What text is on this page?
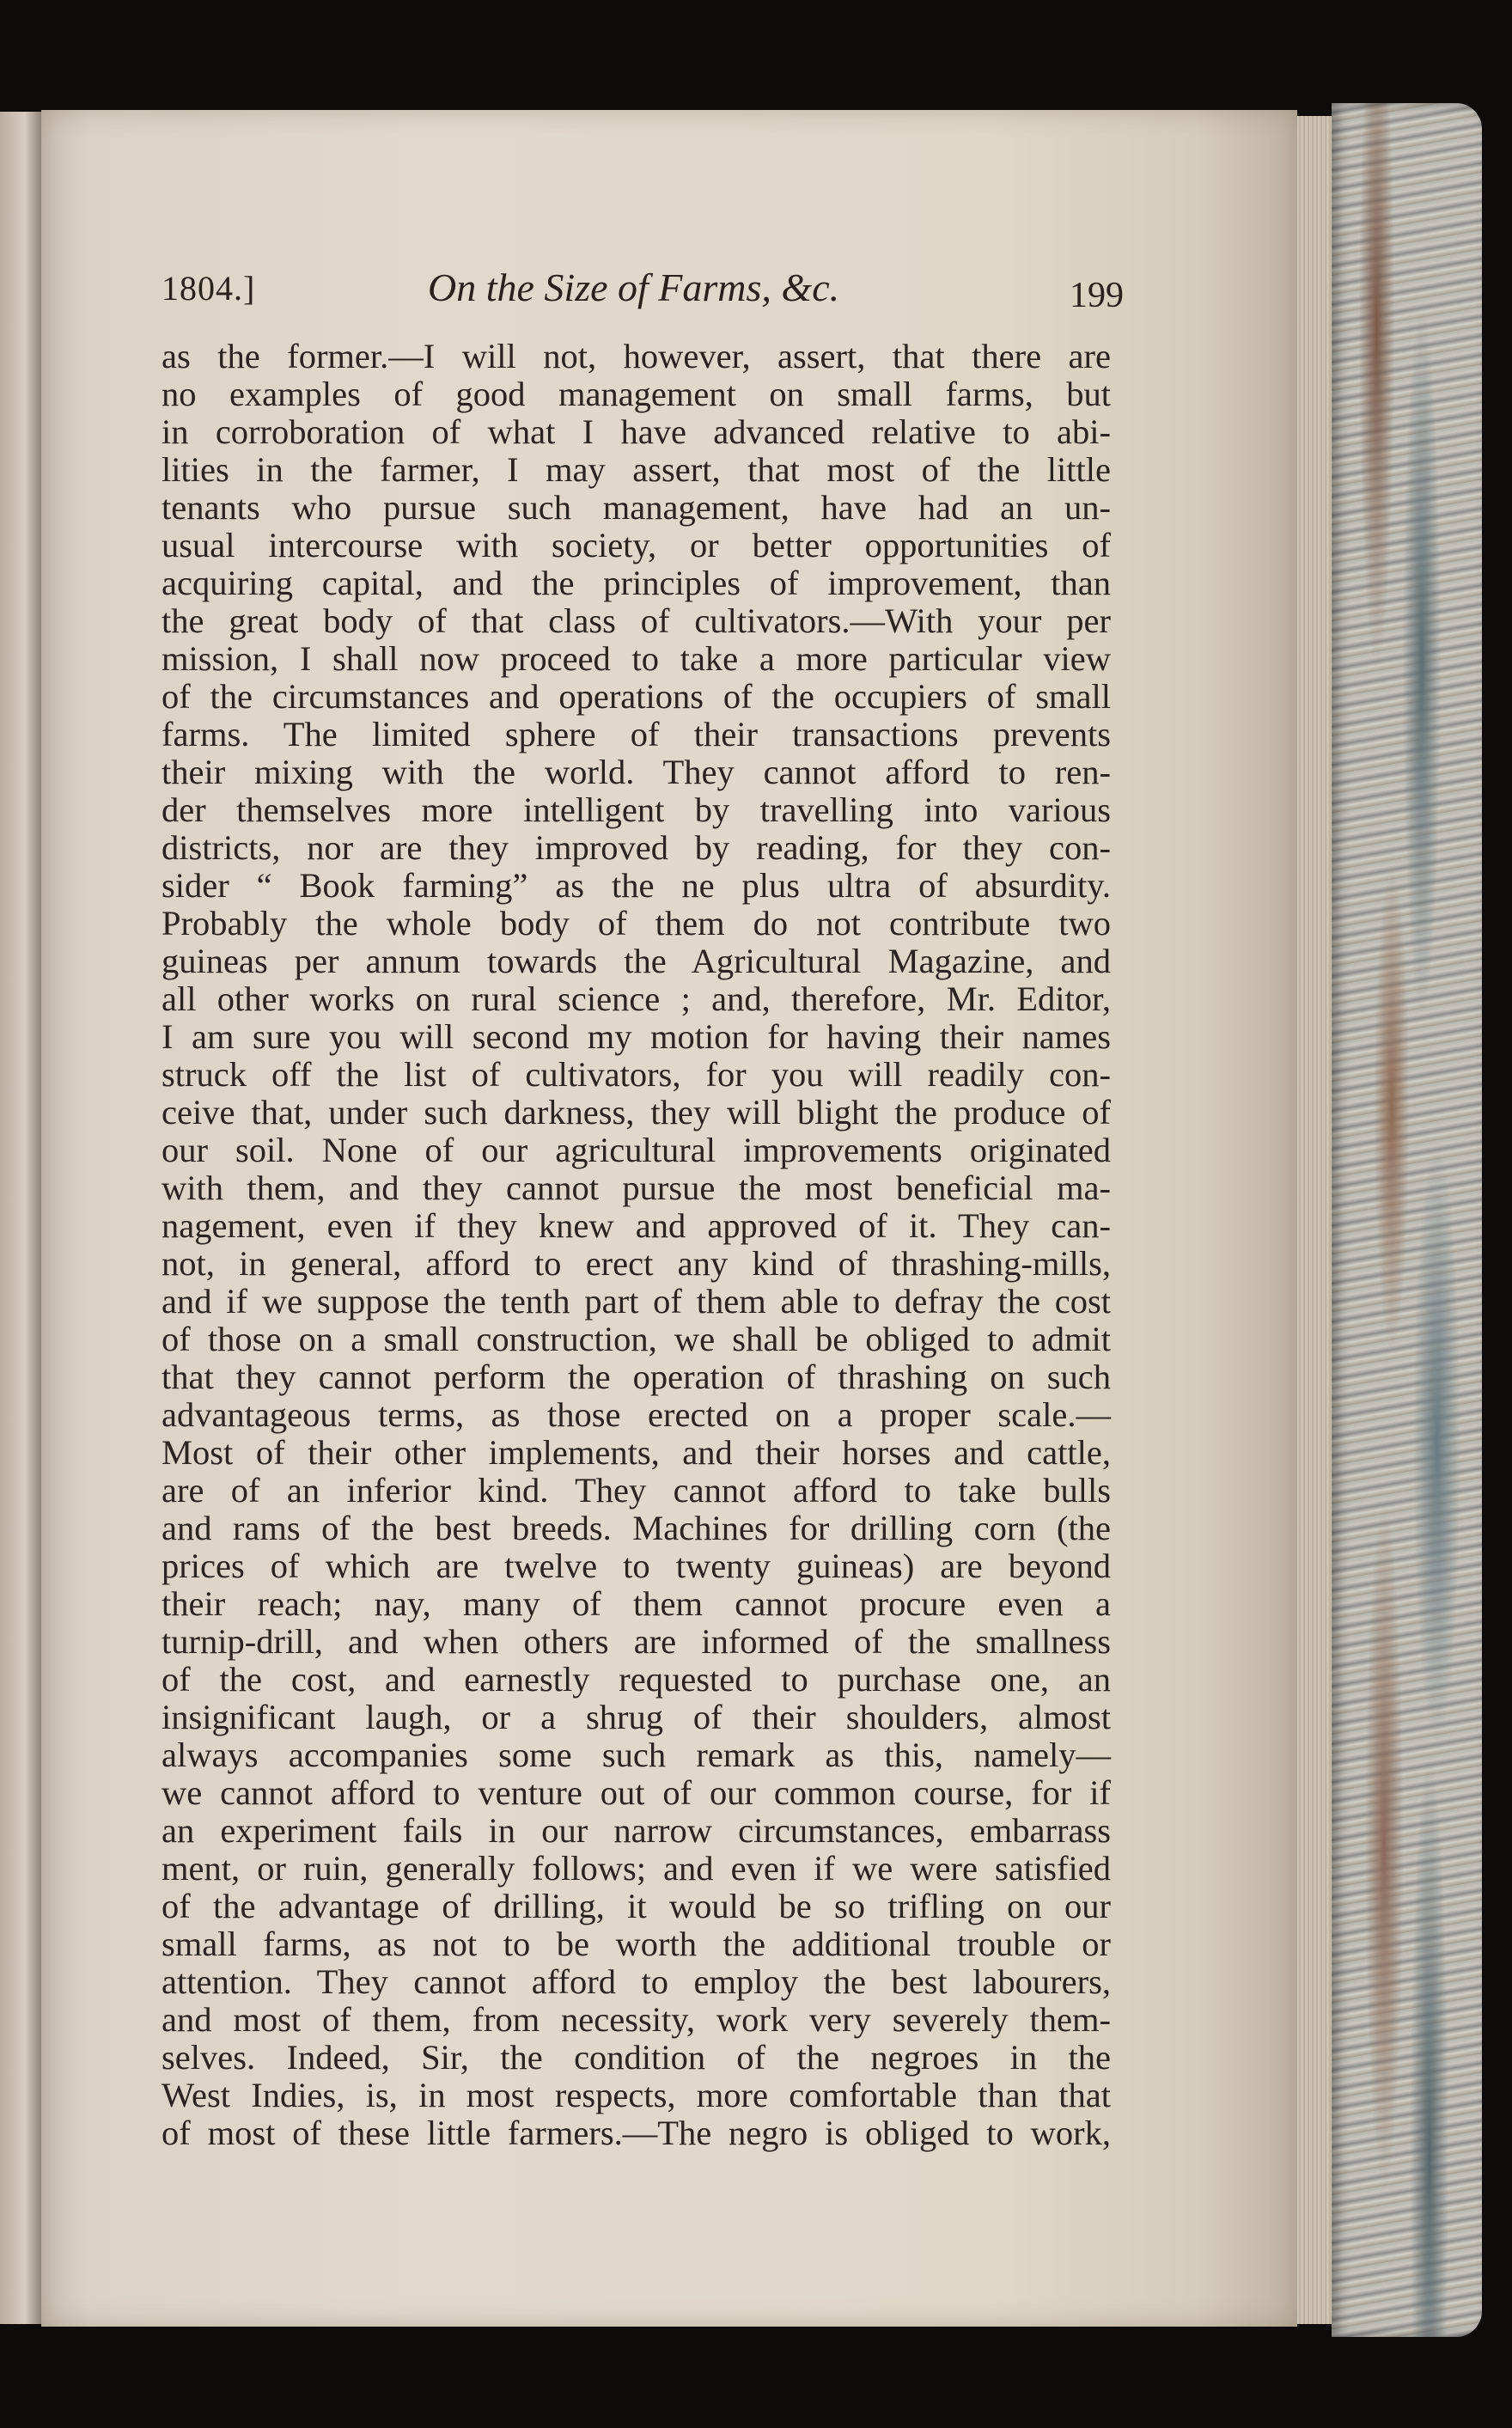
1804.]	On the Size of Farms, &c.	199
as the former.—I will not, however, assert, that there are
no examples of good management on small farms, but
in corroboration of what I have advanced relative to abi-
lities in the farmer, I may assert, that most of the little
tenants who pursue such management, have had an un-
usual intercourse with society, or better opportunities of
acquiring capital, and the principles of improvement, than
the great body of that class of cultivators.—With your per
mission, I shall now proceed to take a more particular view
of the circumstances and operations of the occupiers of small
farms. The limited sphere of their transactions prevents
their mixing with the world. They cannot afford to ren-
der themselves more intelligent by travelling into various
districts, nor are they improved by reading, for they con-
sider “ Book farming” as the ne plus ultra of absurdity.
Probably the whole body of them do not contribute two
guineas per annum towards the Agricultural Magazine, and
all other works on rural science ; and, therefore, Mr. Editor,
I am sure you will second my motion for having their names
struck off the list of cultivators, for you will readily con-
ceive that, under such darkness, they will blight the produce of
our soil. None of our agricultural improvements originated
with them, and they cannot pursue the most beneficial ma-
nagement, even if they knew and approved of it. They can-
not, in general, afford to erect any kind of thrashing-mills,
and if we suppose the tenth part of them able to defray the cost
of those on a small construction, we shall be obliged to admit
that they cannot perform the operation of thrashing on such
advantageous terms, as those erected on a proper scale.—
Most of their other implements, and their horses and cattle,
are of an inferior kind. They cannot afford to take bulls
and rams of the best breeds. Machines for drilling corn (the
prices of which are twelve to twenty guineas) are beyond
their reach; nay, many of them cannot procure even a
turnip-drill, and when others are informed of the smallness
of the cost, and earnestly requested to purchase one, an
insignificant laugh, or a shrug of their shoulders, almost
always accompanies some such remark as this, namely—
we cannot afford to venture out of our common course, for if
an experiment fails in our narrow circumstances, embarrass
ment, or ruin, generally follows; and even if we were satisfied
of the advantage of drilling, it would be so trifling on our
small farms, as not to be worth the additional trouble or
attention. They cannot afford to employ the best labourers,
and most of them, from necessity, work very severely them-
selves. Indeed, Sir, the condition of the negroes in the
West Indies, is, in most respects, more comfortable than that
of most of these little farmers.—The negro is obliged to work,
